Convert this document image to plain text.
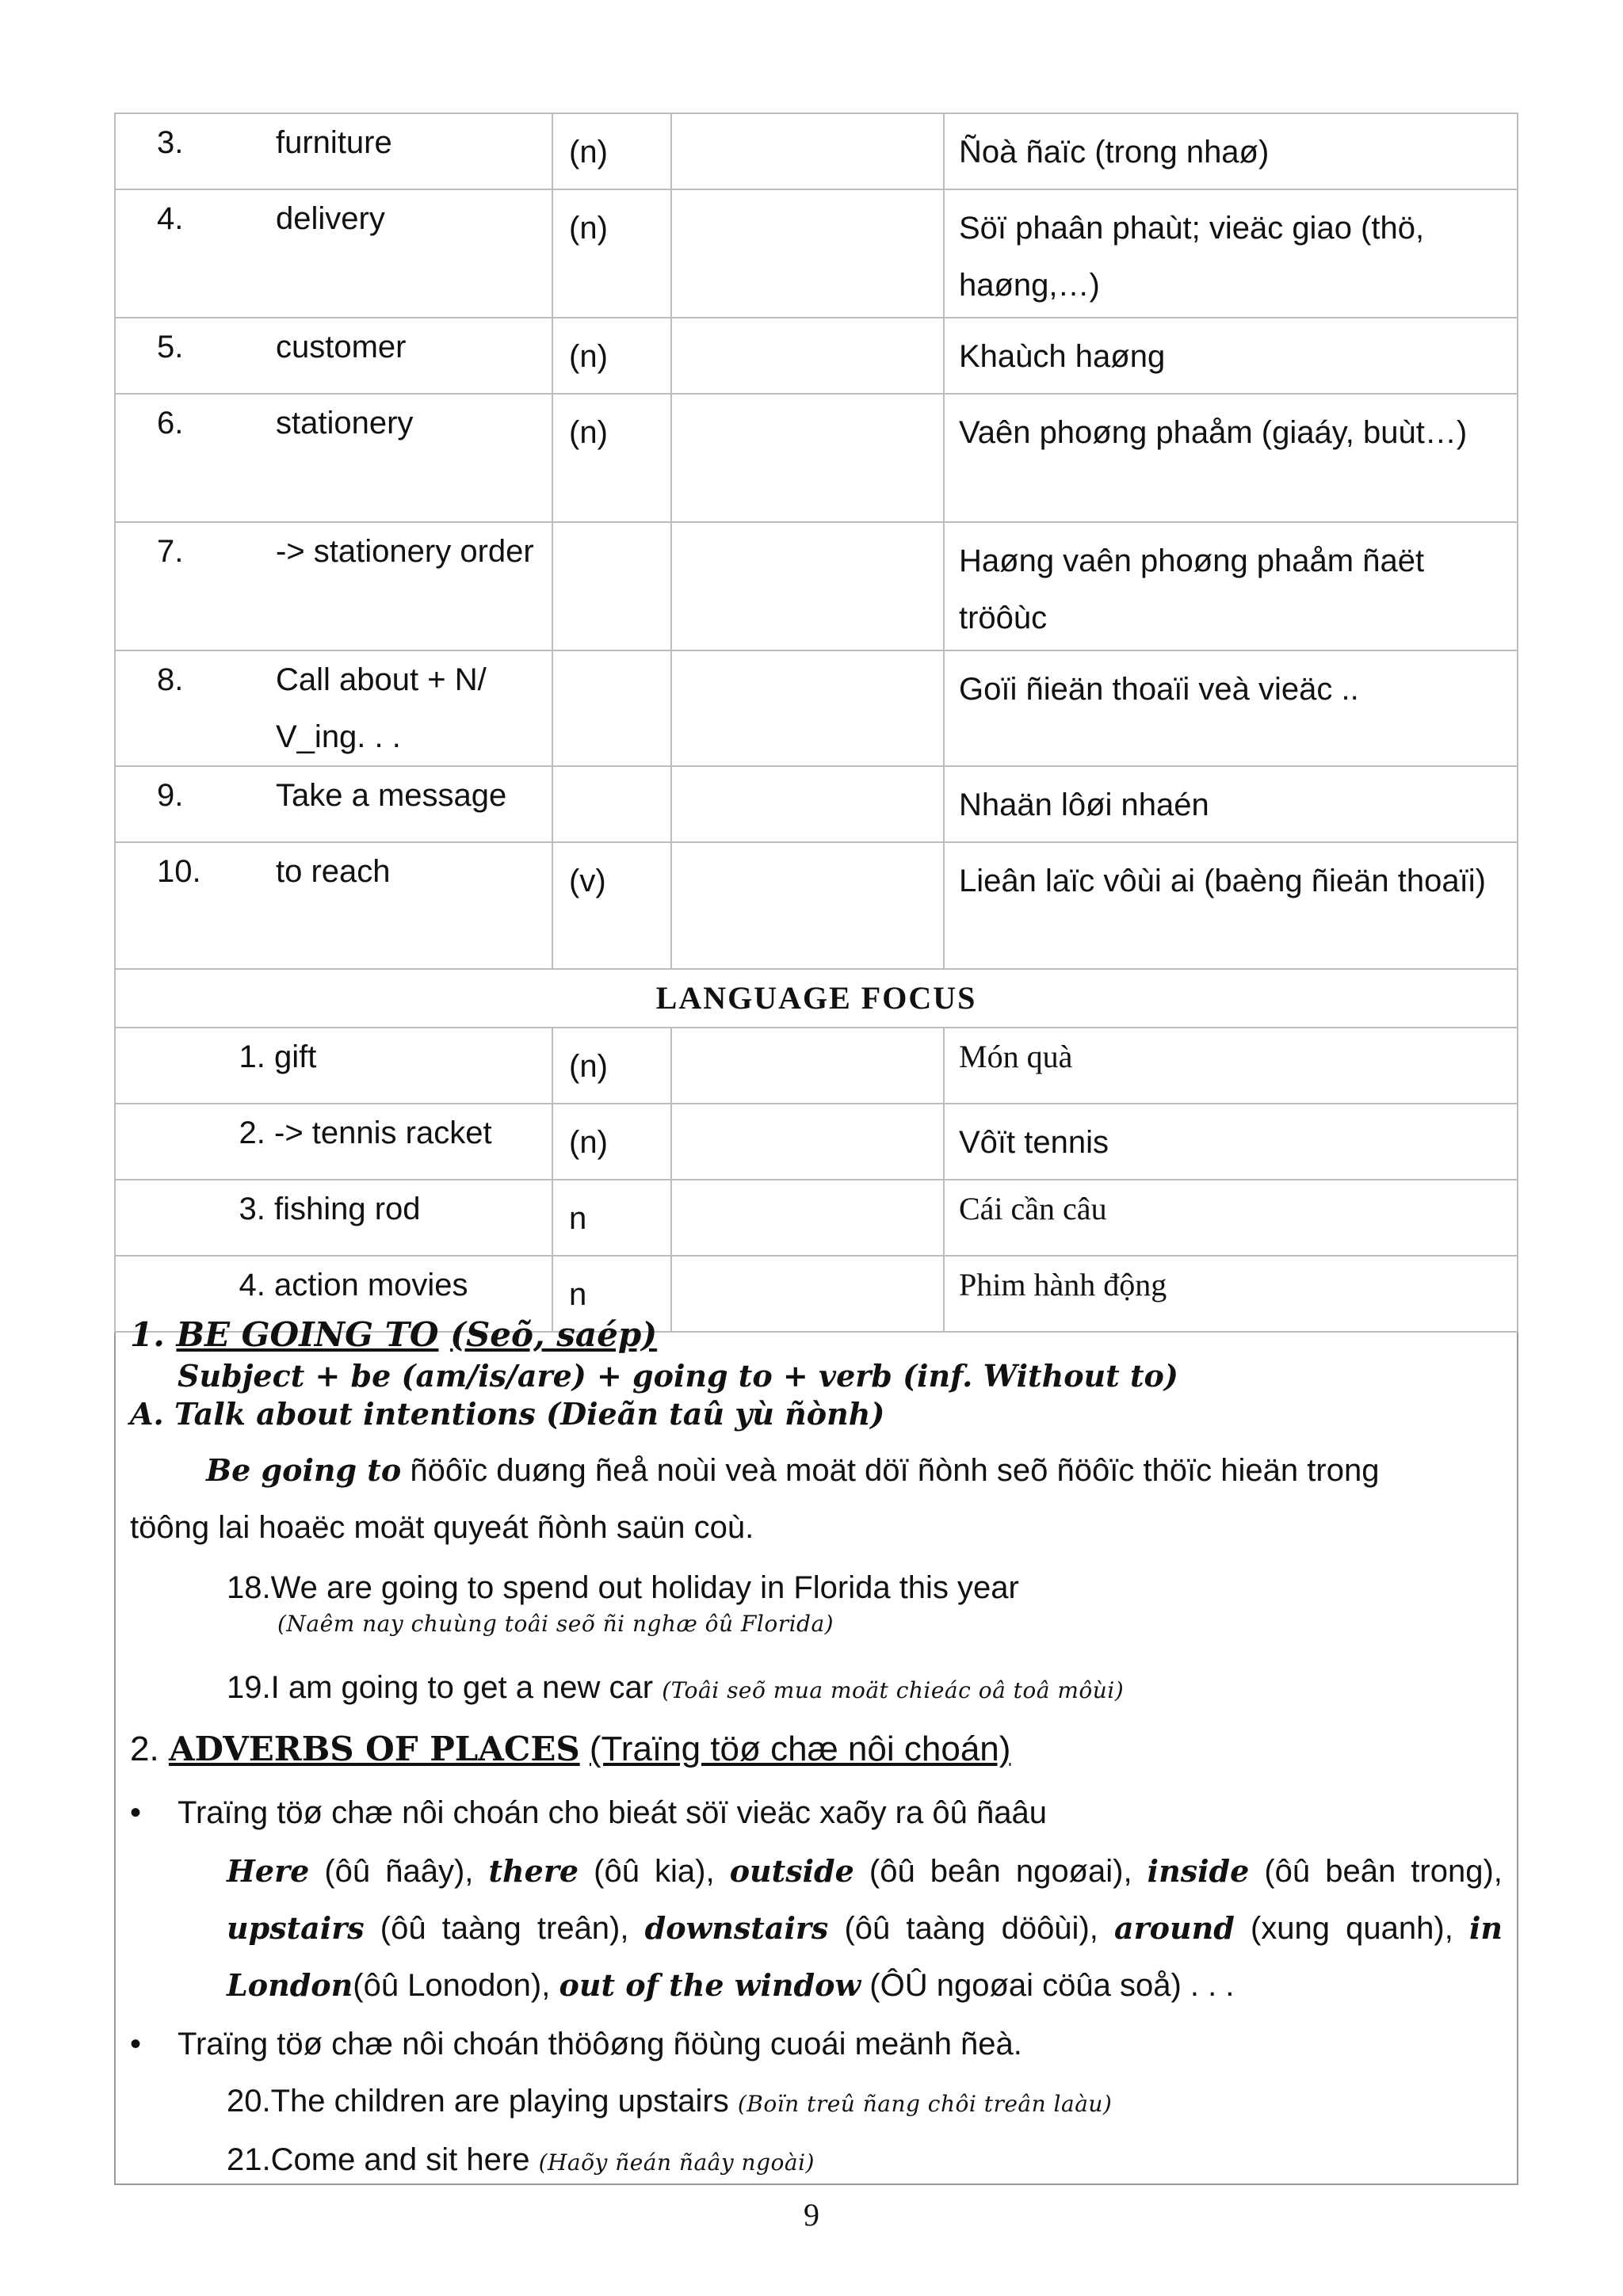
3. furniture	(n)		Ñoà ñaïc (trong nhaø)

4. delivery	(n)		Söï phaân phaùt; vieäc giao (thö, haøng,…)

5. customer	(n)		Khaùch haøng

6. stationery	(n)		Vaên phoøng phaåm (giaáy, buùt…)

7. -> stationery order			Haøng vaên phoøng phaåm ñaët tröôùc

8. Call about + N/ V_ing. . .			Goïi ñieän thoaïi veà vieäc ..

9. Take a message			Nhaän lôøi nhaén

10. to reach	(v)		Lieân laïc vôùi ai (baèng ñieän thoaïi)
LANGUAGE FOCUS			

1. gift	(n)		Món quà

2. -> tennis racket	(n)		Vôït tennis

3. fishing rod	n		Cái cần câu

4. action movies	n		Phim hành động
1. BE GOING TO (Seõ, saép)
Subject + be (am/is/are) + going to + verb (inf. Without to)
A. Talk about intentions (Dieãn taû yù ñònh)
Be going to ñöôïc duøng ñeå noùi veà moät döï ñònh seõ ñöôïc thöïc hieän trong
töông lai hoaëc moät quyeát ñònh saün coù.
18.We are going to spend out holiday in Florida this year
(Naêm nay chuùng toâi seõ ñi nghæ ôû Florida)
19.I am going to get a new car (Toâi seõ mua moät chieác oâ toâ môùi)
2. ADVERBS OF PLACES (Traïng töø chæ nôi choán)
• Traïng töø chæ nôi choán cho bieát söï vieäc xaõy ra ôû ñaâu
Here (ôû ñaây), there (ôû kia), outside (ôû beân ngoøai), inside (ôû beân trong), upstairs (ôû taàng treân), downstairs (ôû taàng döôùi), around (xung quanh), in London(ôû Lonodon), out of the window (ÔÛ ngoøai cöûa soå) . . .
• Traïng töø chæ nôi choán thöôøng ñöùng cuoái meänh ñeà.
20.The children are playing upstairs (Boïn treû ñang chôi treân laàu)
21.Come and sit here (Haõy ñeán ñaây ngoài)
9
